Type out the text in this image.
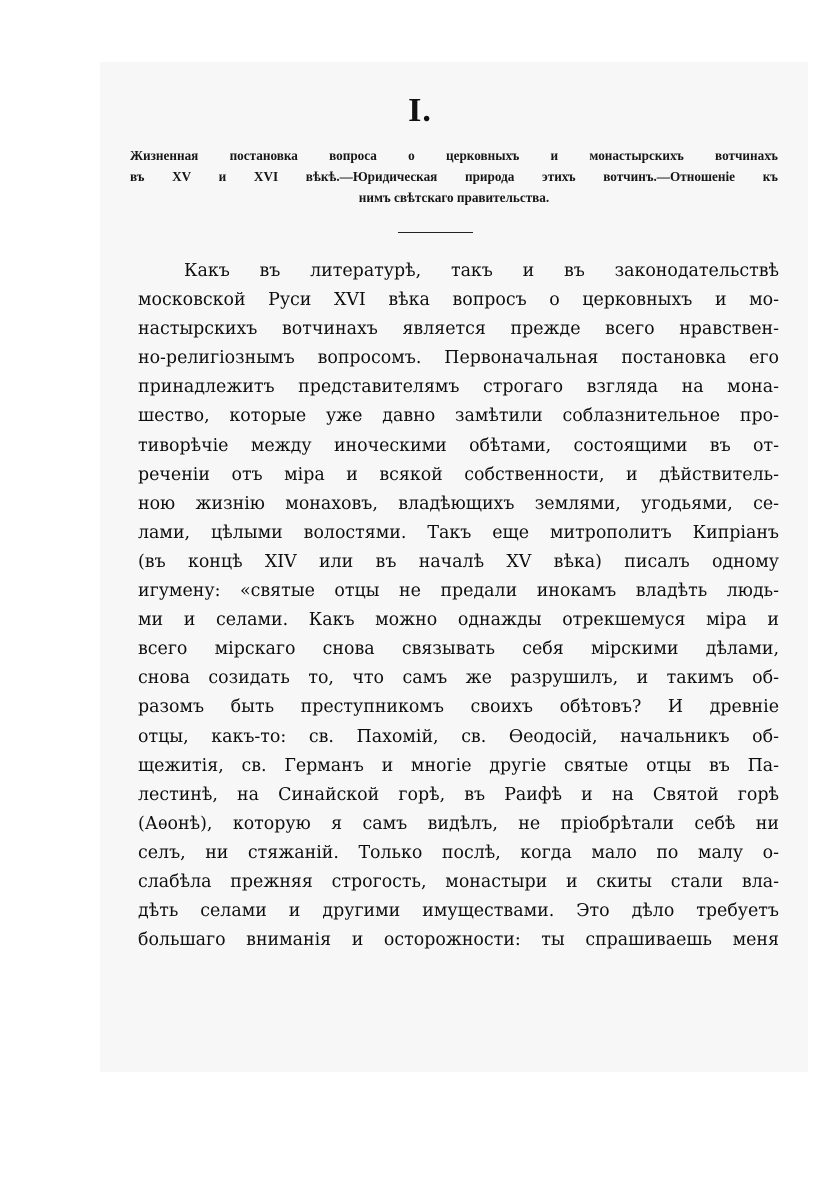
I.
Жизненная постановка вопроса о церковныхъ и монастырскихъ вотчинахъ
въ XV и XVI вѣкѣ.—Юридическая природа этихъ вотчинъ.—Отношеніе къ
нимъ свѣтскаго правительства.
Какъ въ литературѣ, такъ и въ законодательствѣ
московской Руси XVI вѣка вопросъ о церковныхъ и мо-
настырскихъ вотчинахъ является прежде всего нравствен-
но-религіознымъ вопросомъ. Первоначальная постановка его
принадлежитъ представителямъ строгаго взгляда на мона-
шество, которые уже давно замѣтили соблазнительное про-
тиворѣчіе между иноческими обѣтами, состоящими въ от-
реченіи отъ міра и всякой собственности, и дѣйствитель-
ною жизнію монаховъ, владѣющихъ землями, угодьями, се-
лами, цѣлыми волостями. Такъ еще митрополитъ Кипріанъ
(въ концѣ XIV или въ началѣ XV вѣка) писалъ одному
игумену: «святые отцы не предали инокамъ владѣть людь-
ми и селами. Какъ можно однажды отрекшемуся міра и
всего мірскаго снова связывать себя мірскими дѣлами,
снова созидать то, что самъ же разрушилъ, и такимъ об-
разомъ быть преступникомъ своихъ обѣтовъ? И древніе
отцы, какъ-то: св. Пахомій, св. Ѳеодосій, начальникъ об-
щежитія, св. Германъ и многіе другіе святые отцы въ Па-
лестинѣ, на Синайской горѣ, въ Раифѣ и на Святой горѣ
(Аѳонѣ), которую я самъ видѣлъ, не пріобрѣтали себѣ ни
селъ, ни стяжаній. Только послѣ, когда мало по малу о-
слабѣла прежняя строгость, монастыри и скиты стали вла-
дѣть селами и другими имуществами. Это дѣло требуетъ
большаго вниманія и осторожности: ты спрашиваешь меня
